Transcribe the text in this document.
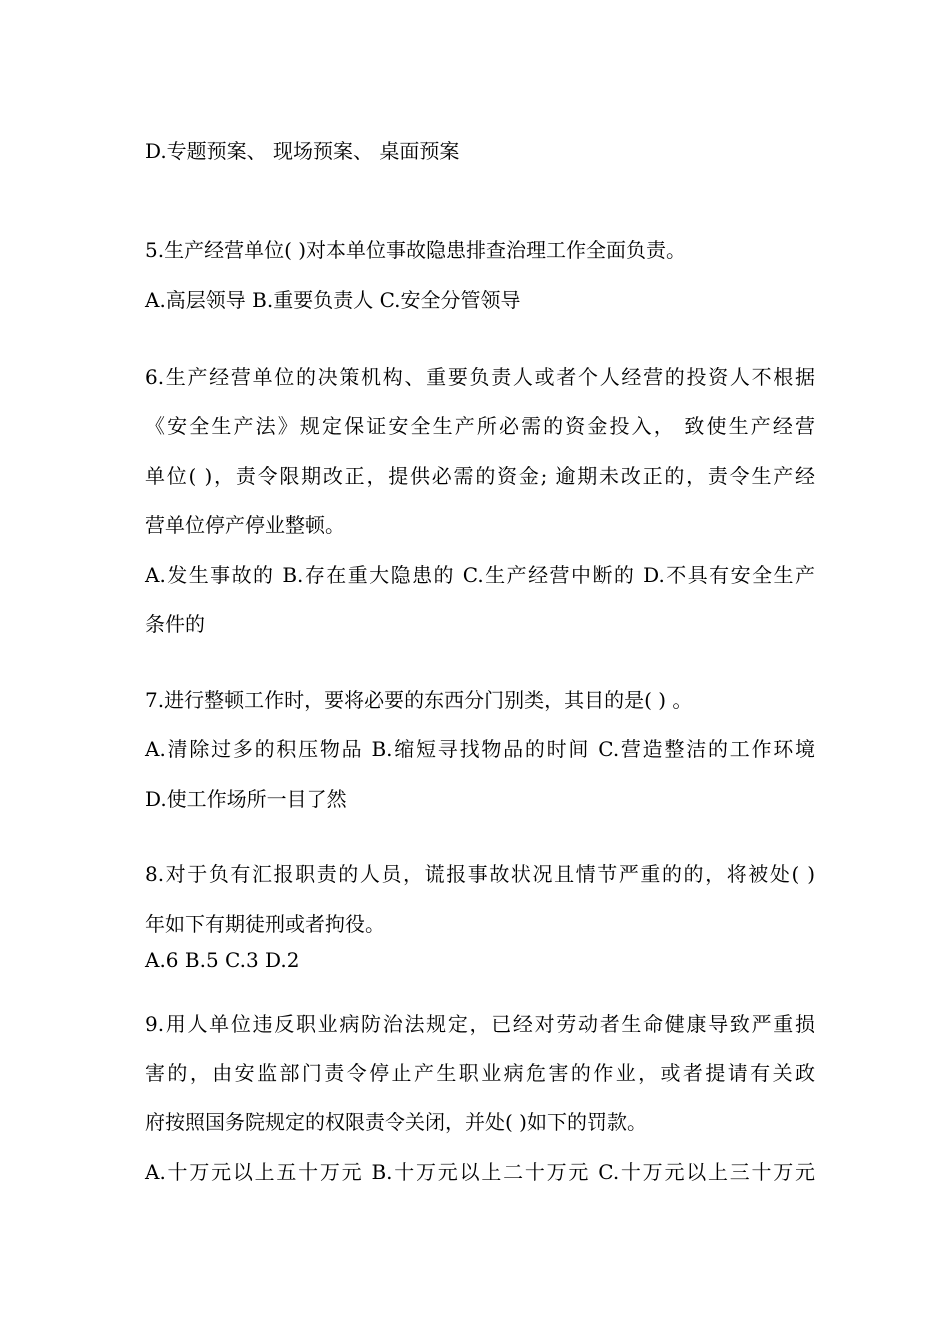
D.专题预案、 现场预案、 桌面预案
5.生产经营单位( )对本单位事故隐患排查治理工作全面负责。
A.高层领导 B.重要负责人 C.安全分管领导
6.生产经营单位的决策机构、重要负责人或者个人经营的投资人不根据
《安全生产法》规定保证安全生产所必需的资金投入， 致使生产经营
单位( )，责令限期改正，提供必需的资金; 逾期未改正的，责令生产经
营单位停产停业整顿。
A.发生事故的 B.存在重大隐患的 C.生产经营中断的 D.不具有安全生产
条件的
7.进行整顿工作时，要将必要的东西分门别类，其目的是( ) 。
A.清除过多的积压物品 B.缩短寻找物品的时间 C.营造整洁的工作环境
D.使工作场所一目了然
8.对于负有汇报职责的人员，谎报事故状况且情节严重的的，将被处( )
年如下有期徒刑或者拘役。
A.6 B.5 C.3 D.2
9.用人单位违反职业病防治法规定，已经对劳动者生命健康导致严重损
害的，由安监部门责令停止产生职业病危害的作业，或者提请有关政
府按照国务院规定的权限责令关闭，并处( )如下的罚款。
A.十万元以上五十万元 B.十万元以上二十万元 C.十万元以上三十万元
